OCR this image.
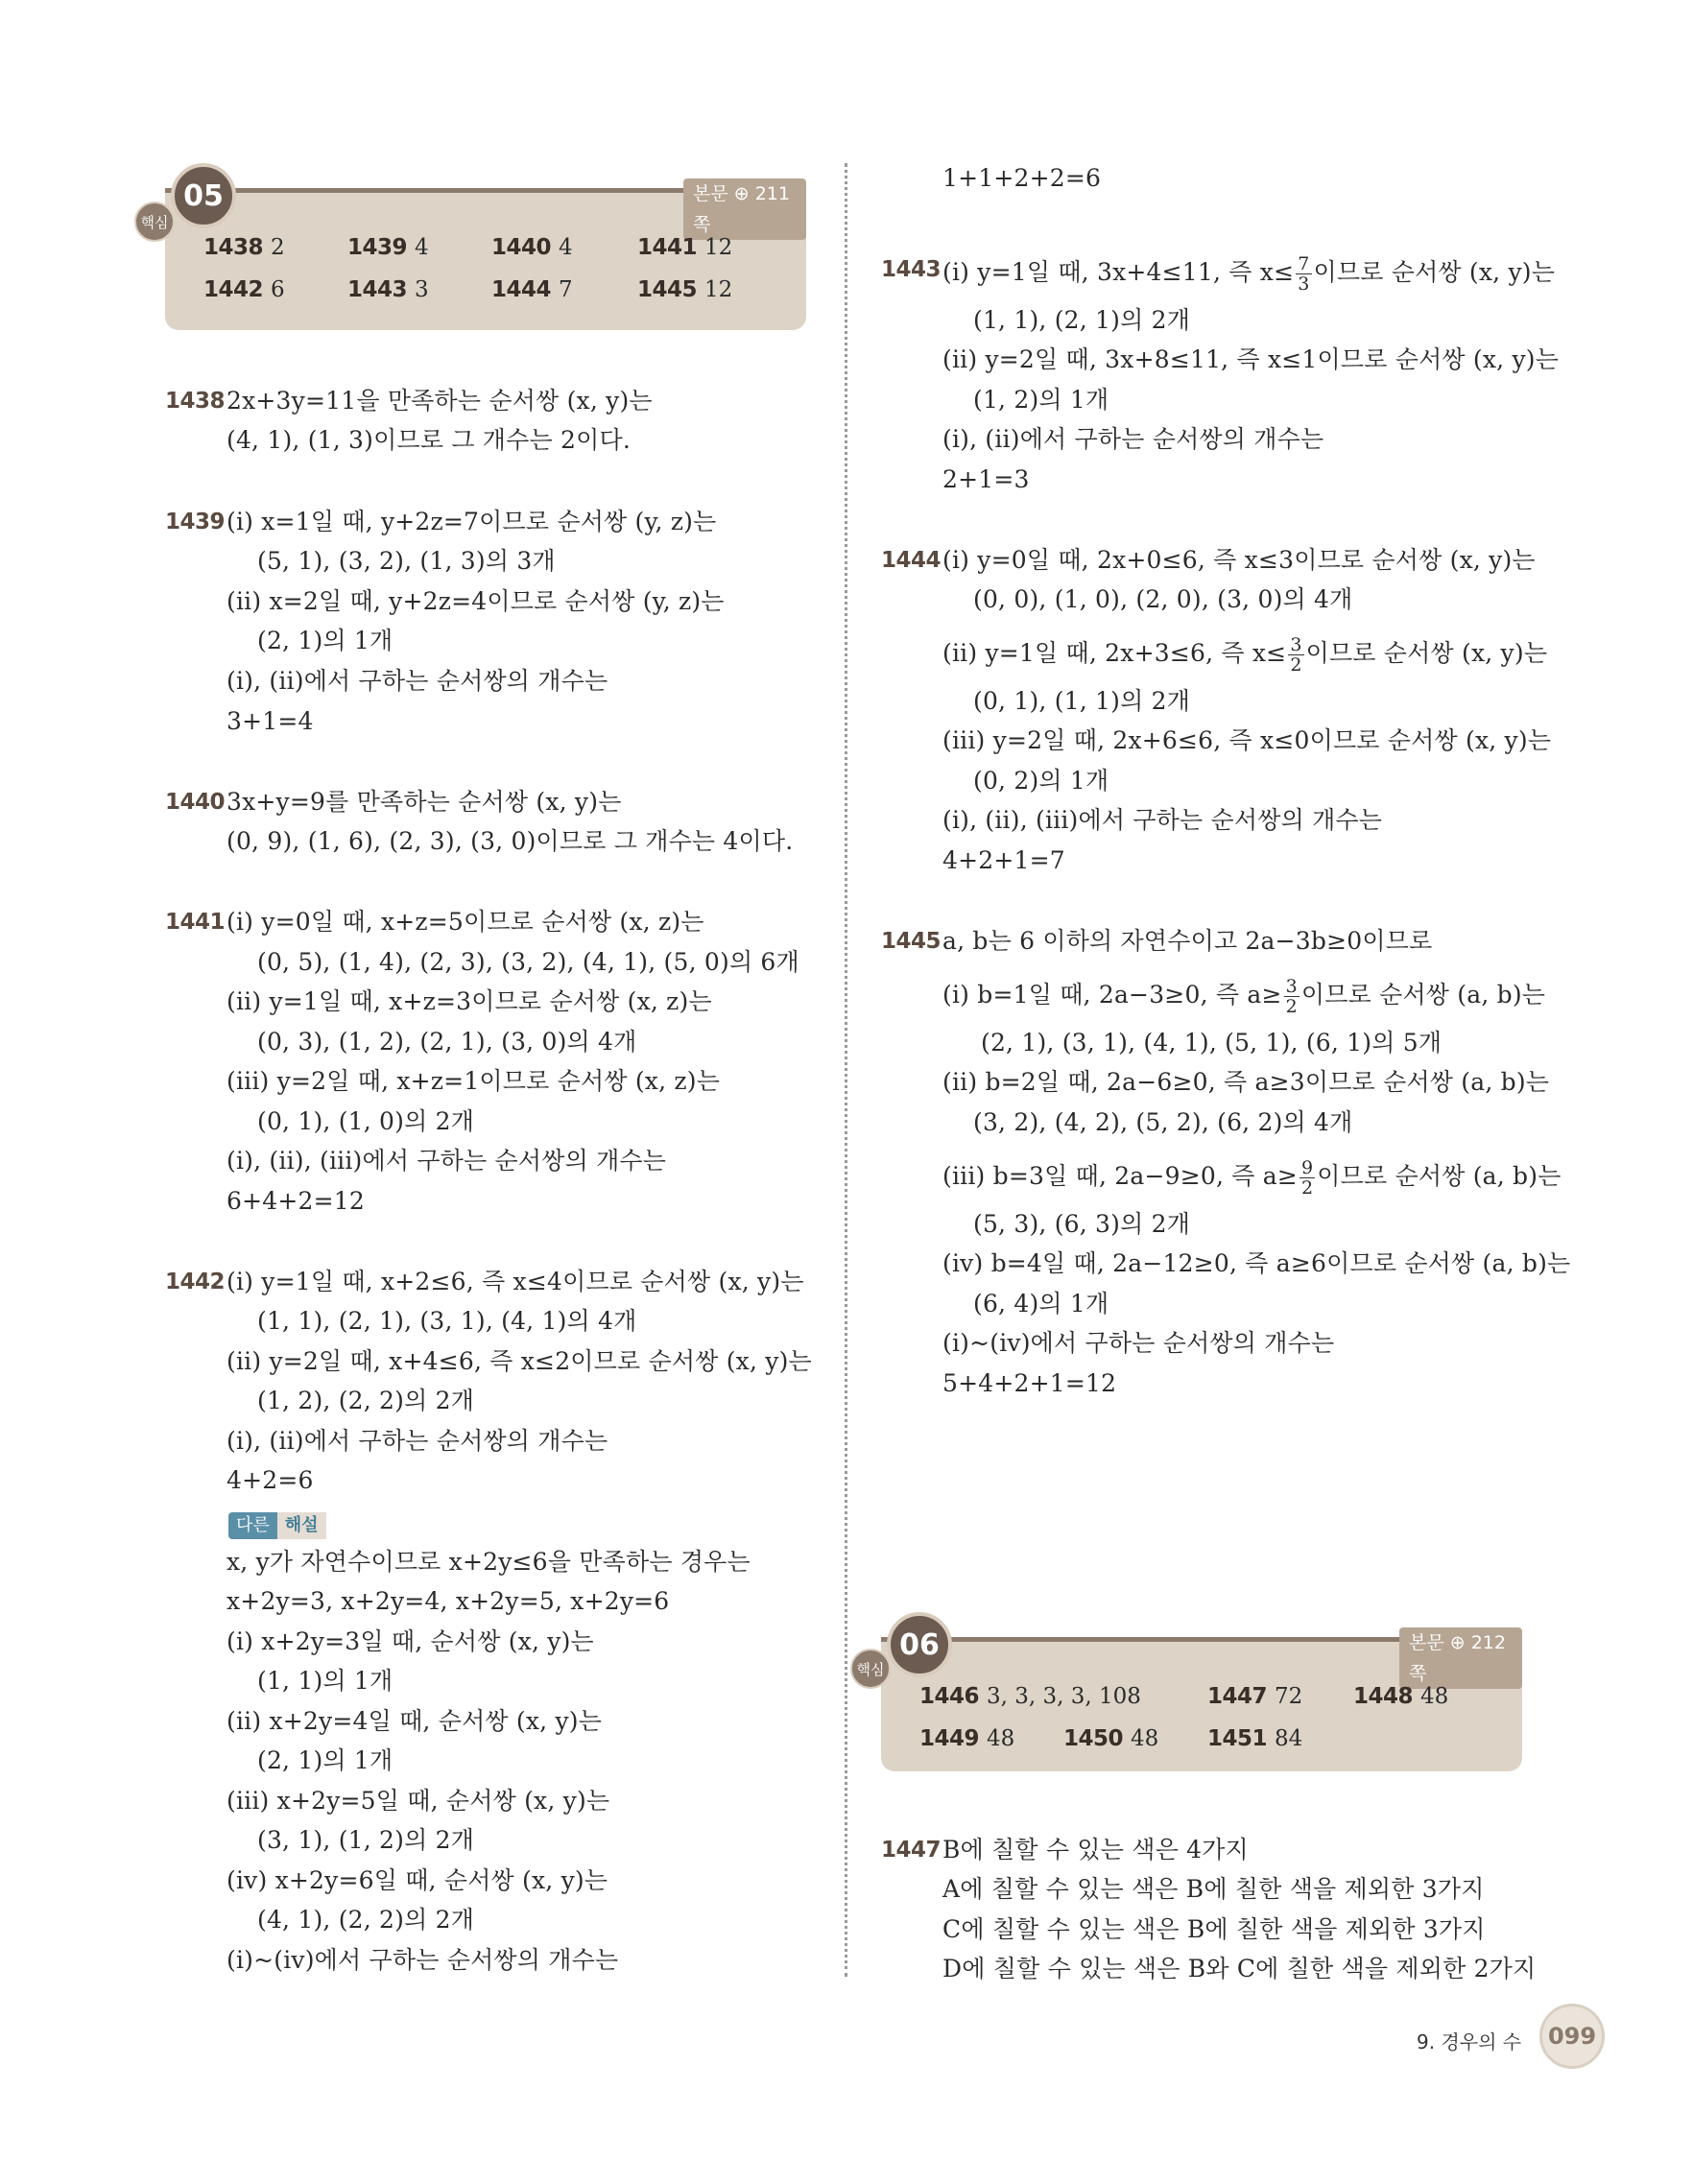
본문 ⊕ 211쪽
1438 2	1439 4	1440 4	1441 12
1442 6	1443 3	1444 7	1445 12
05
핵심
본문 ⊕ 212쪽
1446 3, 3, 3, 3, 108	1447 72 1448 48
1449 48 1450 48 1451 84
06
핵심
1438 2x+3y=11을 만족하는 순서쌍 (x, y)는
(4, 1), (1, 3)이므로 그 개수는 2이다.
1439 (i) x=1일 때, y+2z=7이므로 순서쌍 (y, z)는
(5, 1), (3, 2), (1, 3)의 3개
(ii) x=2일 때, y+2z=4이므로 순서쌍 (y, z)는
(2, 1)의 1개
(i), (ii)에서 구하는 순서쌍의 개수는
3+1=4
1440 3x+y=9를 만족하는 순서쌍 (x, y)는
(0, 9), (1, 6), (2, 3), (3, 0)이므로 그 개수는 4이다.
1441 (i) y=0일 때, x+z=5이므로 순서쌍 (x, z)는
(0, 5), (1, 4), (2, 3), (3, 2), (4, 1), (5, 0)의 6개
(ii) y=1일 때, x+z=3이므로 순서쌍 (x, z)는
(0, 3), (1, 2), (2, 1), (3, 0)의 4개
(iii) y=2일 때, x+z=1이므로 순서쌍 (x, z)는
(0, 1), (1, 0)의 2개
(i), (ii), (iii)에서 구하는 순서쌍의 개수는
6+4+2=12
1442 (i) y=1일 때, x+2≤6, 즉 x≤4이므로 순서쌍 (x, y)는
(1, 1), (2, 1), (3, 1), (4, 1)의 4개
(ii) y=2일 때, x+4≤6, 즉 x≤2이므로 순서쌍 (x, y)는
(1, 2), (2, 2)의 2개
(i), (ii)에서 구하는 순서쌍의 개수는
4+2=6
다른 해설
x, y가 자연수이므로 x+2y≤6을 만족하는 경우는
x+2y=3, x+2y=4, x+2y=5, x+2y=6
(i) x+2y=3일 때, 순서쌍 (x, y)는
(1, 1)의 1개
(ii) x+2y=4일 때, 순서쌍 (x, y)는
(2, 1)의 1개
(iii) x+2y=5일 때, 순서쌍 (x, y)는
(3, 1), (1, 2)의 2개
(iv) x+2y=6일 때, 순서쌍 (x, y)는
(4, 1), (2, 2)의 2개
(i)~(iv)에서 구하는 순서쌍의 개수는
1+1+2+2=6
1443 (i) y=1일 때, 3x+4≤11, 즉 $x\le \frac{7}{3}$ 이므로 순서쌍 (x, y)는
(1, 1), (2, 1)의 2개
(ii) y=2일 때, 3x+8≤11, 즉 x≤1이므로 순서쌍 (x, y)는
(1, 2)의 1개
(i), (ii)에서 구하는 순서쌍의 개수는
2+1=3
1444 (i) y=0일 때, 2x+0≤6, 즉 x≤3이므로 순서쌍 (x, y)는
(0, 0), (1, 0), (2, 0), (3, 0)의 4개
(ii) y=1일 때, 2x+3≤6, 즉 $x\le \frac{3}{2}$ 이므로 순서쌍 (x, y)는
(0, 1), (1, 1)의 2개
(iii) y=2일 때, 2x+6≤6, 즉 x≤0이므로 순서쌍 (x, y)는
(0, 2)의 1개
(i), (ii), (iii)에서 구하는 순서쌍의 개수는
4+2+1=7
1445 a, b는 6 이하의 자연수이고 2a−3b≥0이므로
(i) b=1일 때, 2a−3≥0, 즉 $a\ge \frac{3}{2}$ 이므로 순서쌍 (a, b)는
(2, 1), (3, 1), (4, 1), (5, 1), (6, 1)의 5개
(ii) b=2일 때, 2a−6≥0, 즉 a≥3이므로 순서쌍 (a, b)는
(3, 2), (4, 2), (5, 2), (6, 2)의 4개
(iii) b=3일 때, 2a−9≥0, 즉 $a\ge \frac{9}{2}$ 이므로 순서쌍 (a, b)는
(5, 3), (6, 3)의 2개
(iv) b=4일 때, 2a−12≥0, 즉 a≥6이므로 순서쌍 (a, b)는
(6, 4)의 1개
(i)~(iv)에서 구하는 순서쌍의 개수는
5+4+2+1=12
1447 B에 칠할 수 있는 색은 4가지
A에 칠할 수 있는 색은 B에 칠한 색을 제외한 3가지
C에 칠할 수 있는 색은 B에 칠한 색을 제외한 3가지
D에 칠할 수 있는 색은 B와 C에 칠한 색을 제외한 2가지
9. 경우의 수	099
